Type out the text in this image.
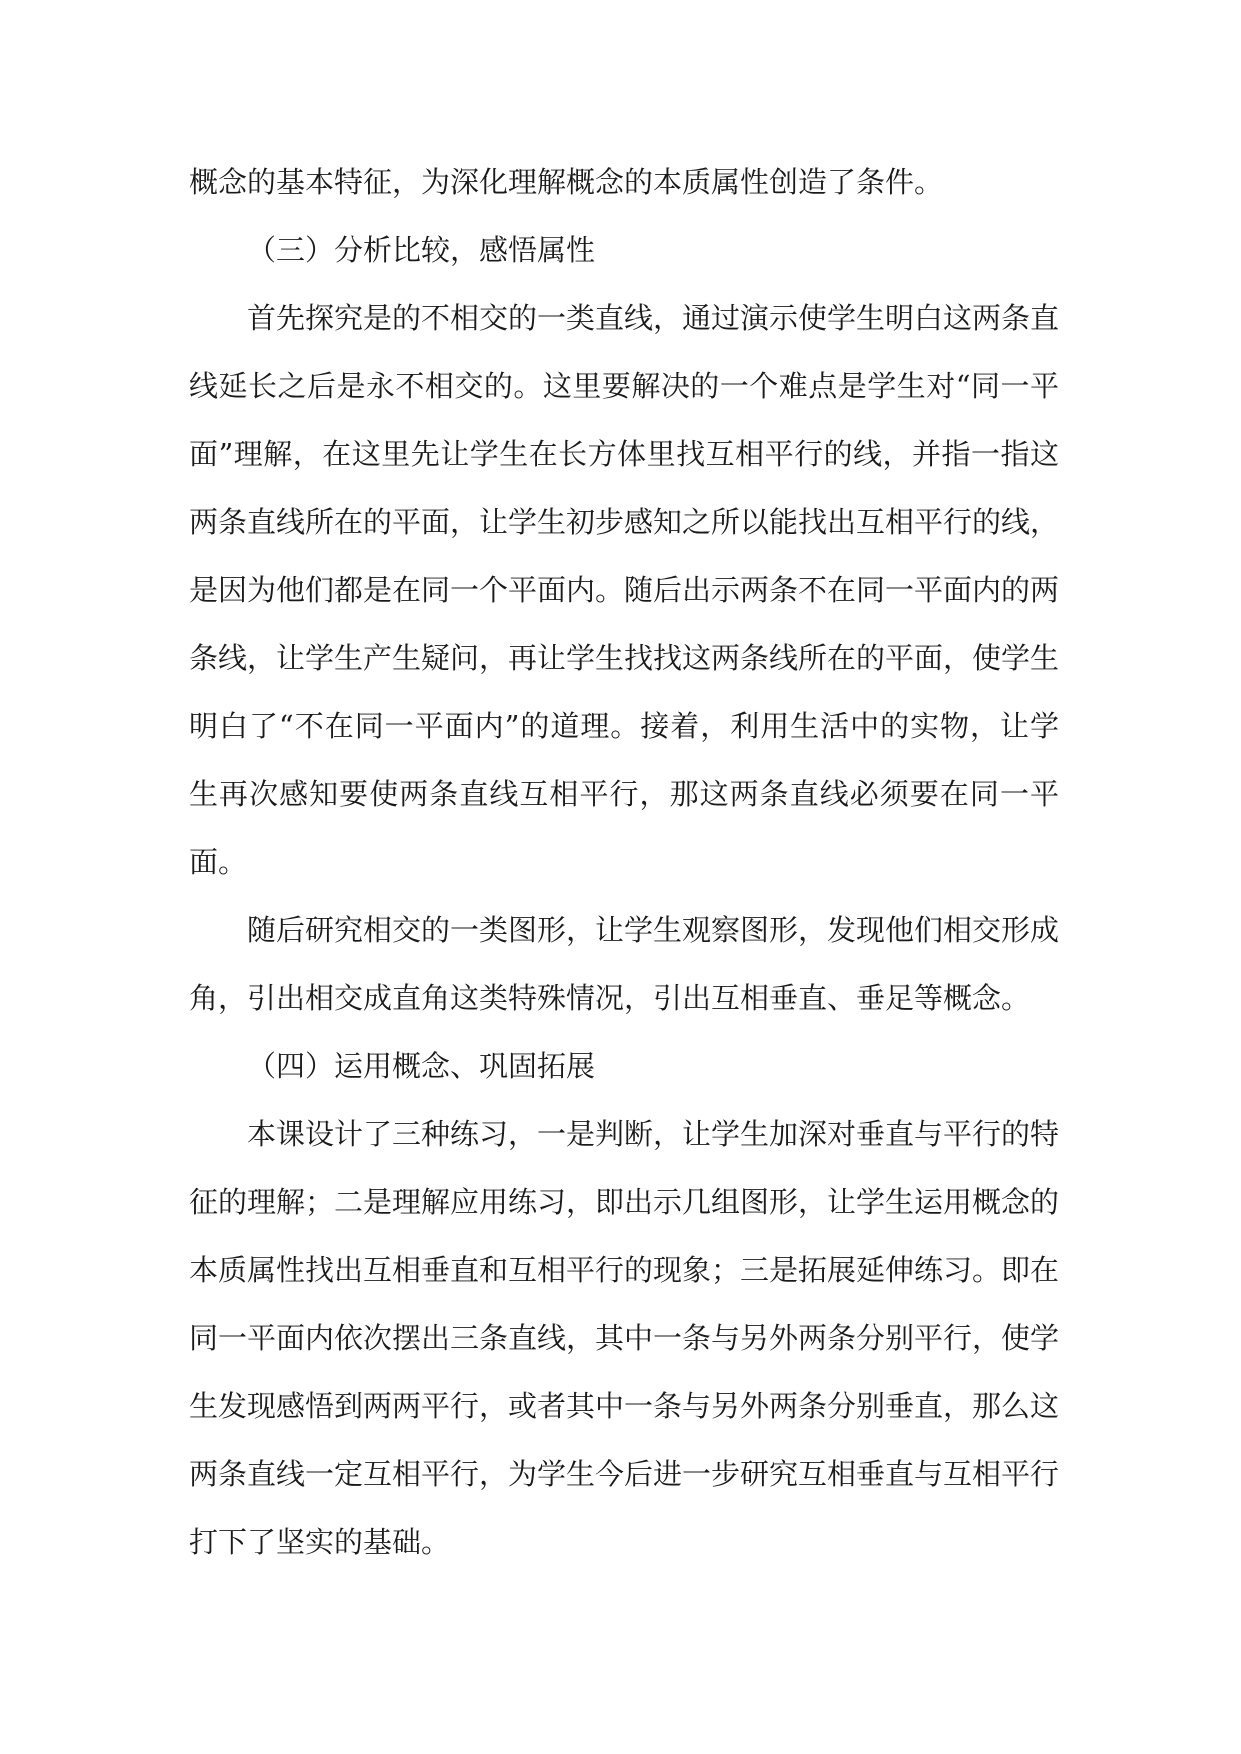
概念的基本特征，为深化理解概念的本质属性创造了条件。

（三）分析比较，感悟属性

首先探究是的不相交的一类直线，通过演示使学生明白这两条直线延长之后是永不相交的。这里要解决的一个难点是学生对“同一平面”理解，在这里先让学生在长方体里找互相平行的线，并指一指这两条直线所在的平面，让学生初步感知之所以能找出互相平行的线，是因为他们都是在同一个平面内。随后出示两条不在同一平面内的两条线，让学生产生疑问，再让学生找找这两条线所在的平面，使学生明白了“不在同一平面内”的道理。接着，利用生活中的实物，让学生再次感知要使两条直线互相平行，那这两条直线必须要在同一平面。

随后研究相交的一类图形，让学生观察图形，发现他们相交形成角，引出相交成直角这类特殊情况，引出互相垂直、垂足等概念。

（四）运用概念、巩固拓展

本课设计了三种练习，一是判断，让学生加深对垂直与平行的特征的理解；二是理解应用练习，即出示几组图形，让学生运用概念的本质属性找出互相垂直和互相平行的现象；三是拓展延伸练习。即在同一平面内依次摆出三条直线，其中一条与另外两条分别平行，使学生发现感悟到两两平行，或者其中一条与另外两条分别垂直，那么这两条直线一定互相平行，为学生今后进一步研究互相垂直与互相平行打下了坚实的基础。
